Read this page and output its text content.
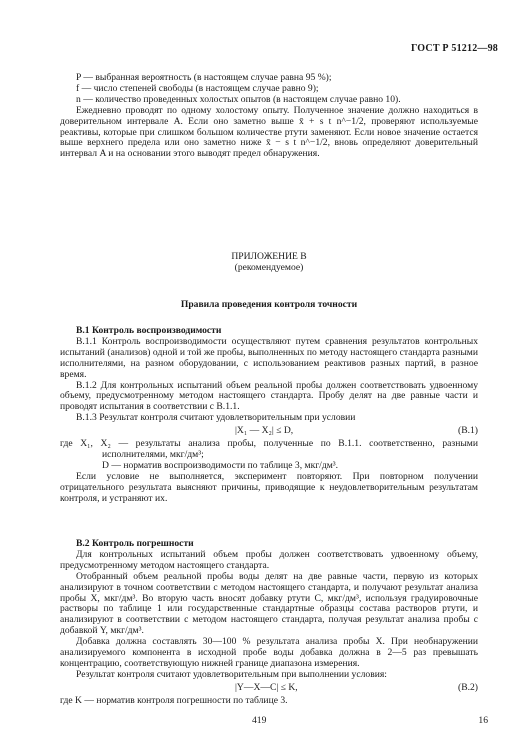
ГОСТ Р 51212—98

P — выбранная вероятность (в настоящем случае равна 95 %);

f — число степеней свободы (в настоящем случае равно 9);

n — количество проведенных холостых опытов (в настоящем случае равно 10).

Ежедневно проводят по одному холостому опыту. Полученное значение должно находиться в доверительном интервале A. Если оно заметно выше x̄ + s t n^−1/2, проверяют используемые реактивы, которые при слишком большом количестве ртути заменяют. Если новое значение остается выше верхнего предела или оно заметно ниже x̄ − s t n^−1/2, вновь определяют доверительный интервал A и на основании этого выводят предел обнаружения.

ПРИЛОЖЕНИЕ В
(рекомендуемое)
Правила проведения контроля точности

В.1 Контроль воспроизводимости

В.1.1 Контроль воспроизводимости осуществляют путем сравнения результатов контрольных испытаний (анализов) одной и той же пробы, выполненных по методу настоящего стандарта разными исполнителями, на разном оборудовании, с использованием реактивов разных партий, в разное время.

В.1.2 Для контрольных испытаний объем реальной пробы должен соответствовать удвоенному объему, предусмотренному методом настоящего стандарта. Пробу делят на две равные части и проводят испытания в соответствии с В.1.1.

В.1.3 Результат контроля считают удовлетворительным при условии

|X₁ — X₂| ≤ D,	(В.1)

где X₁, X₂ — результаты анализа пробы, полученные по В.1.1. соответственно, разными исполнителями, мкг/дм³;

D — норматив воспроизводимости по таблице 3, мкг/дм³.

Если условие не выполняется, эксперимент повторяют. При повторном получении отрицательного результата выясняют причины, приводящие к неудовлетворительным результатам контроля, и устраняют их.

В.2 Контроль погрешности

Для контрольных испытаний объем пробы должен соответствовать удвоенному объему, предусмотренному методом настоящего стандарта.

Отобранный объем реальной пробы воды делят на две равные части, первую из которых анализируют в точном соответствии с методом настоящего стандарта, и получают результат анализа пробы X, мкг/дм³. Во вторую часть вносят добавку ртути C, мкг/дм³, используя градуировочные растворы по таблице 1 или государственные стандартные образцы состава растворов ртути, и анализируют в соответствии с методом настоящего стандарта, получая результат анализа пробы с добавкой Y, мкг/дм³.

Добавка должна составлять 30—100 % результата анализа пробы X. При необнаружении анализируемого компонента в исходной пробе воды добавка должна в 2—5 раз превышать концентрацию, соответствующую нижней границе диапазона измерения.

Результат контроля считают удовлетворительным при выполнении условия:

|Y—X—C| ≤ K,	(В.2)

где K — норматив контроля погрешности по таблице 3.

419	16
